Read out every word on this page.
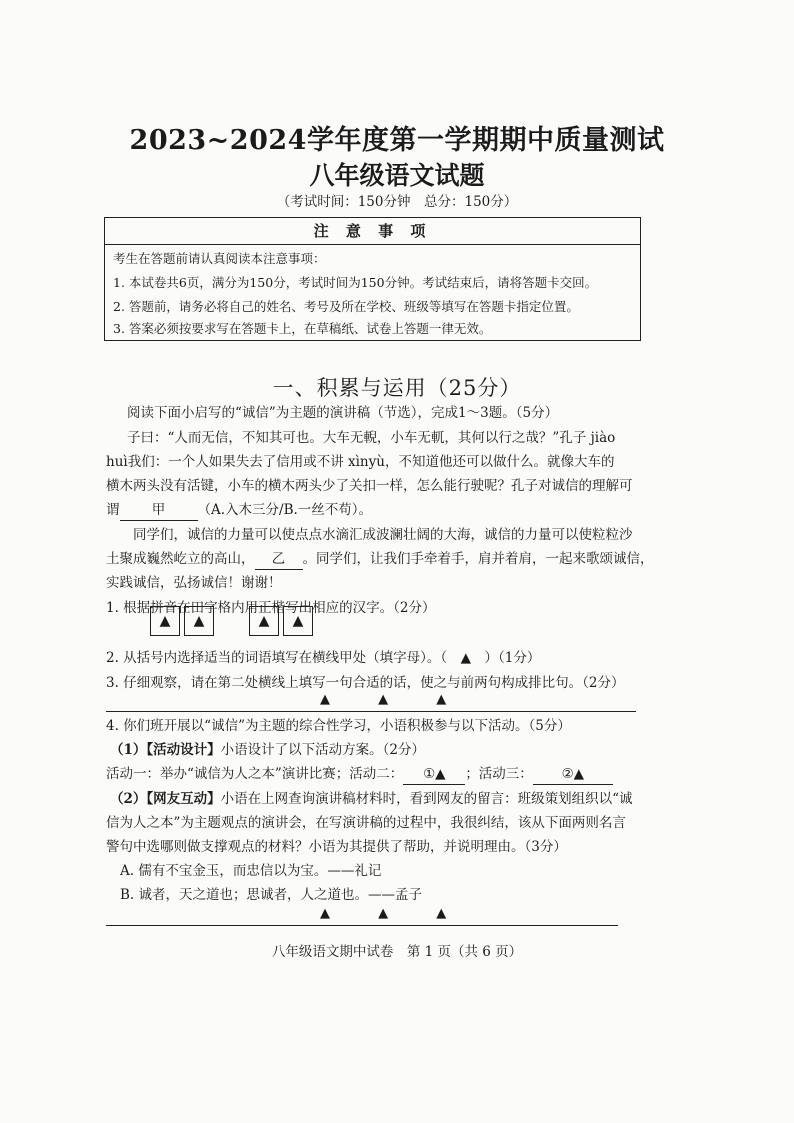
2023~2024学年度第一学期期中质量测试
八年级语文试题
（考试时间：150分钟　总分：150分）
注 意 事 项
考生在答题前请认真阅读本注意事项：
1. 本试卷共6页，满分为150分，考试时间为150分钟。考试结束后，请将答题卡交回。
2. 答题前，请务必将自己的姓名、考号及所在学校、班级等填写在答题卡指定位置。
3. 答案必须按要求写在答题卡上，在草稿纸、试卷上答题一律无效。
一、积累与运用（25分）
阅读下面小启写的“诚信”为主题的演讲稿（节选），完成1～3题。（5分）
子曰：“人而无信，不知其可也。大车无輗，小车无軏，其何以行之哉？”孔子 jiào
huì我们：一个人如果失去了信用或不讲 xìnyù，不知道他还可以做什么。就像大车的
横木两头没有活键，小车的横木两头少了关扣一样，怎么能行驶呢？孔子对诚信的理解可
谓 甲 （A.入木三分/B.一丝不苟）。
同学们，诚信的力量可以使点点水滴汇成波澜壮阔的大海，诚信的力量可以使粒粒沙
土聚成巍然屹立的高山， 乙 。同学们，让我们手牵着手，肩并着肩，一起来歌颂诚信，
实践诚信，弘扬诚信！谢谢！
1. 根据拼音在田字格内用正楷写出相应的汉字。（2分）
▲	▲	▲	▲
2. 从括号内选择适当的词语填写在横线甲处（填字母）。（　▲　）（1分）
3. 仔细观察，请在第二处横线上填写一句合适的话，使之与前两句构成排比句。（2分）
▲ ▲ ▲
4. 你们班开展以“诚信”为主题的综合性学习，小语积极参与以下活动。（5分）
（1）【活动设计】小语设计了以下活动方案。（2分）
活动一：举办“诚信为人之本”演讲比赛；活动二： ①▲ ；活动三： ②▲
（2）【网友互动】小语在上网查询演讲稿材料时，看到网友的留言：班级策划组织以“诚
信为人之本”为主题观点的演讲会，在写演讲稿的过程中，我很纠结，该从下面两则名言
警句中选哪则做支撑观点的材料？小语为其提供了帮助，并说明理由。（3分）
A. 儒有不宝金玉，而忠信以为宝。——礼记
B. 诚者，天之道也；思诚者，人之道也。——孟子
▲ ▲ ▲
八年级语文期中试卷　第 1 页（共 6 页）
